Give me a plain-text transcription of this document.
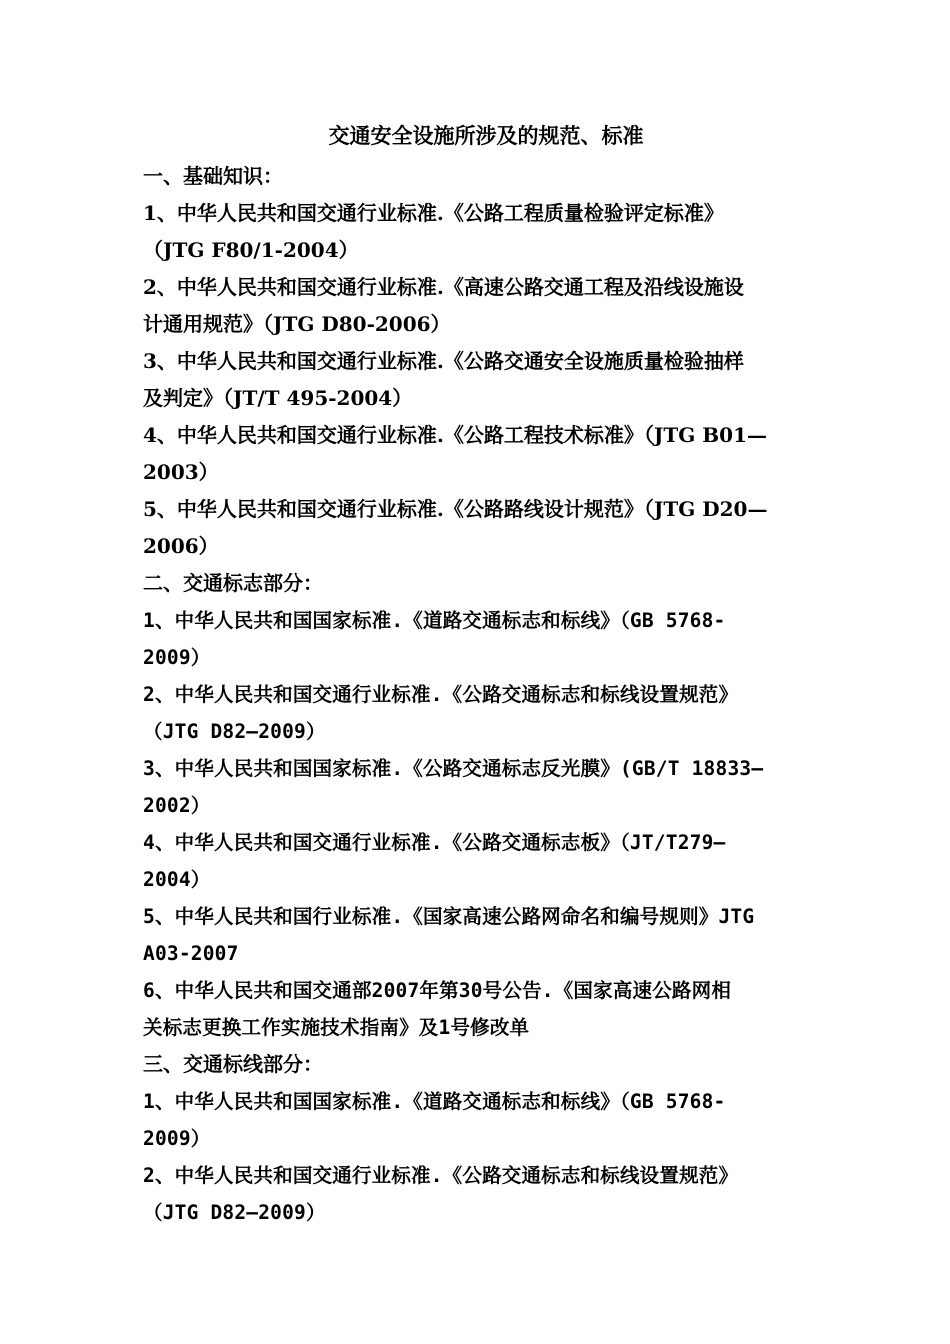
交通安全设施所涉及的规范、标准

一、基础知识：

1、中华人民共和国交通行业标准.《公路工程质量检验评定标准》

（JTG F80/1-2004）

2、中华人民共和国交通行业标准.《高速公路交通工程及沿线设施设

计通用规范》（JTG D80-2006）

3、中华人民共和国交通行业标准.《公路交通安全设施质量检验抽样

及判定》（JT/T 495-2004）

4、中华人民共和国交通行业标准.《公路工程技术标准》（JTG B01—

2003）

5、中华人民共和国交通行业标准.《公路路线设计规范》（JTG D20—

2006）

二、交通标志部分：

1、中华人民共和国国家标准.《道路交通标志和标线》（GB 5768-

2009）

2、中华人民共和国交通行业标准.《公路交通标志和标线设置规范》

（JTG D82—2009）

3、中华人民共和国国家标准.《公路交通标志反光膜》(GB/T 18833—

2002）

4、中华人民共和国交通行业标准.《公路交通标志板》（JT/T279—

2004）

5、中华人民共和国行业标准.《国家高速公路网命名和编号规则》JTG

A03-2007

6、中华人民共和国交通部2007年第30号公告.《国家高速公路网相

关标志更换工作实施技术指南》及1号修改单

三、交通标线部分：

1、中华人民共和国国家标准.《道路交通标志和标线》（GB 5768-

2009）

2、中华人民共和国交通行业标准.《公路交通标志和标线设置规范》

（JTG D82—2009）
